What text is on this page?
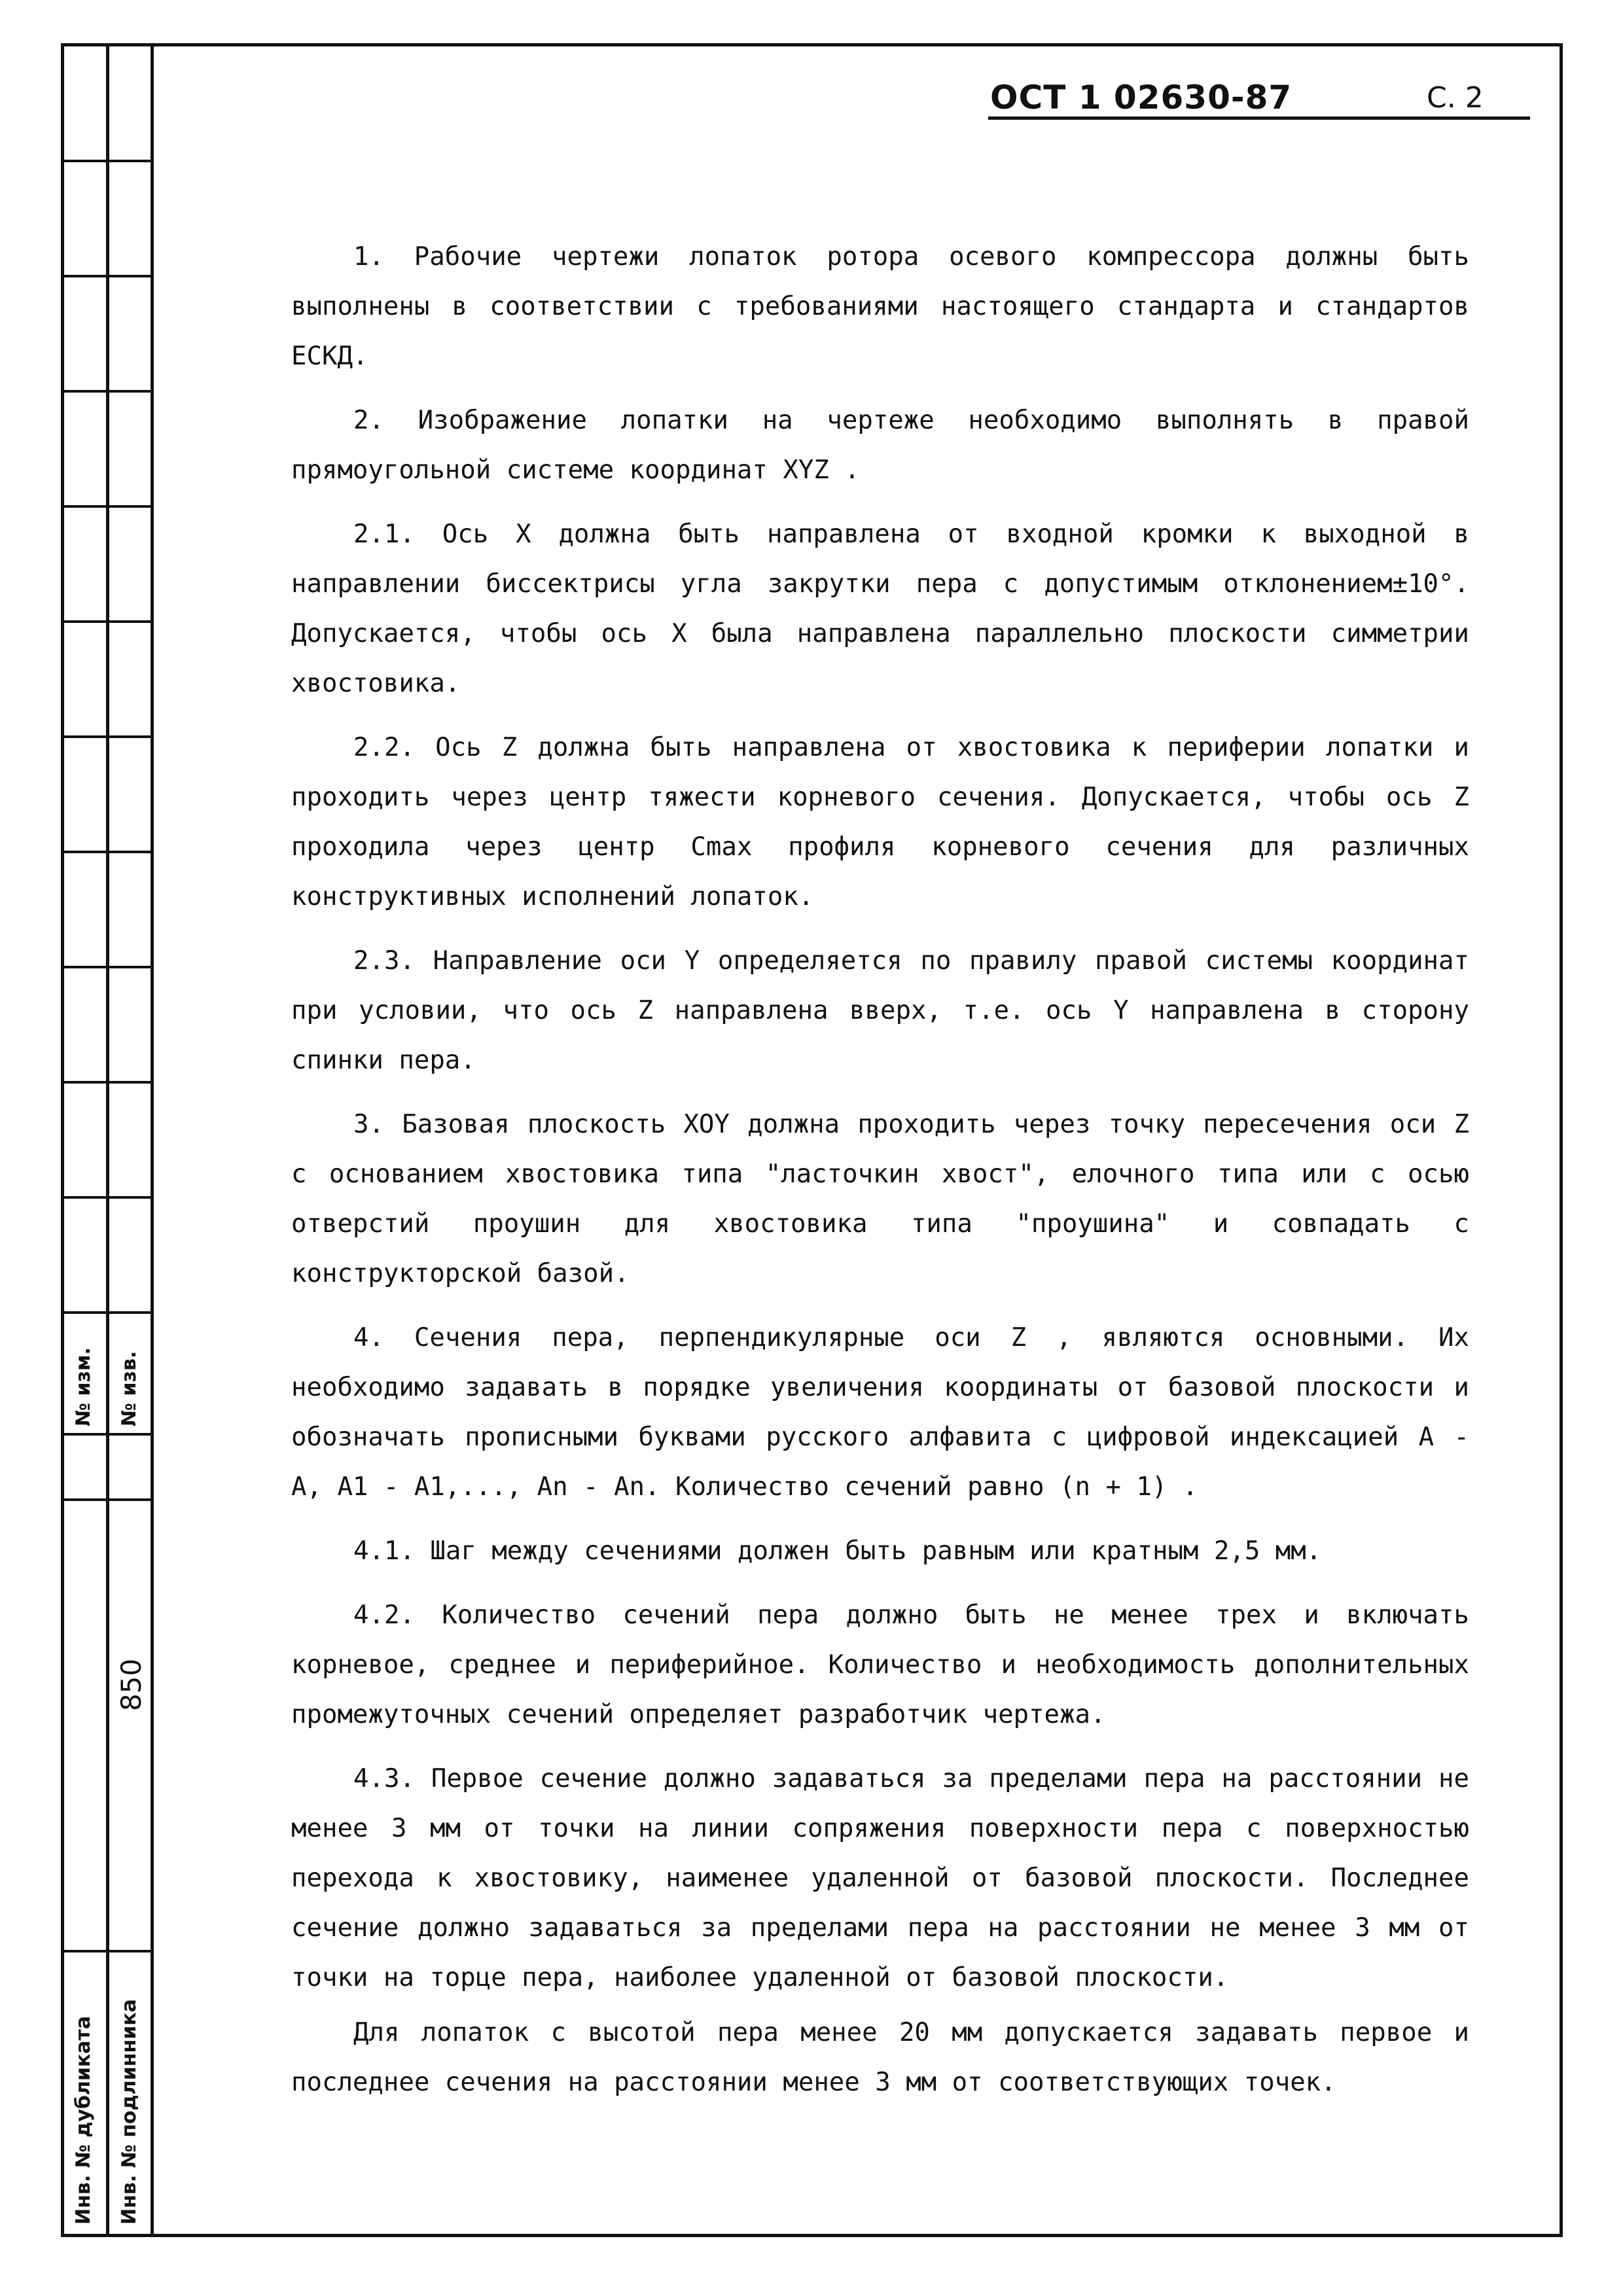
№ изм. № изв.
850
Инв. № дубликата Инв. № подлинника
ОСТ 1 02630-87	С. 2

1. Рабочие чертежи лопаток ротора осевого компрессора должны быть выполнены в соответствии с требованиями настоящего стандарта и стандартов ЕСКД.

2. Изображение лопатки на чертеже необходимо выполнять в правой прямоугольной системе координат XYZ .

2.1. Ось X должна быть направлена от входной кромки к выходной в направлении биссектрисы угла закрутки пера с допустимым отклонением±10°. Допускается, чтобы ось X была направлена параллельно плоскости симметрии хвостовика.

2.2. Ось Z должна быть направлена от хвостовика к периферии лопатки и проходить через центр тяжести корневого сечения. Допускается, чтобы ось Z проходила через центр Cmax профиля корневого сечения для различных конструктивных исполнений лопаток.

2.3. Направление оси Y определяется по правилу правой системы координат при условии, что ось Z направлена вверх, т.е. ось Y направлена в сторону спинки пера.

3. Базовая плоскость XOY должна проходить через точку пересечения оси Z с основанием хвостовика типа "ласточкин хвост", елочного типа или с осью отверстий проушин для хвостовика типа "проушина" и совпадать с конструкторской базой.

4. Сечения пера, перпендикулярные оси Z , являются основными. Их необходимо задавать в порядке увеличения координаты от базовой плоскости и обозначать прописными буквами русского алфавита с цифровой индексацией A - A, A1 - A1,..., An - An. Количество сечений равно (n + 1) .

4.1. Шаг между сечениями должен быть равным или кратным 2,5 мм.

4.2. Количество сечений пера должно быть не менее трех и включать корневое, среднее и периферийное. Количество и необходимость дополнительных промежуточных сечений определяет разработчик чертежа.

4.3. Первое сечение должно задаваться за пределами пера на расстоянии не менее 3 мм от точки на линии сопряжения поверхности пера с поверхностью перехода к хвостовику, наименее удаленной от базовой плоскости. Последнее сечение должно задаваться за пределами пера на расстоянии не менее 3 мм от точки на торце пера, наиболее удаленной от базовой плоскости.

Для лопаток с высотой пера менее 20 мм допускается задавать первое и последнее сечения на расстоянии менее 3 мм от соответствующих точек.
